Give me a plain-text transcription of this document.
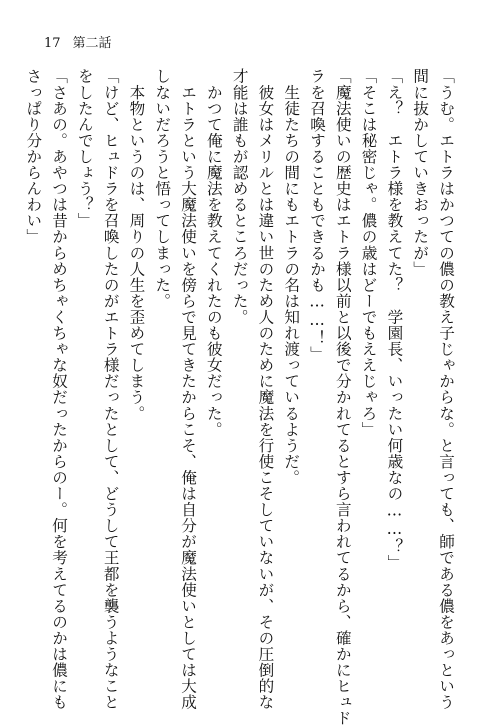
17 第二話
「うむ。エトラはかつての儂の教え子じゃからな。と言っても、師である儂をあっという
間に抜かしていきおったが」
「え？　エトラ様を教えてた？　学園長、いったい何歳なの……？」
「そこは秘密じゃ。儂の歳はどーでもええじゃろ」
「魔法使いの歴史はエトラ様以前と以後で分かれてるとすら言われてるから、確かにヒュド
ラを召喚することもできるかも……！」
　生徒たちの間にもエトラの名は知れ渡っているようだ。
　彼女はメリルとは違い世のため人のために魔法を行使こそしていないが、その圧倒的な
才能は誰もが認めるところだった。
　かつて俺に魔法を教えてくれたのも彼女だった。
　エトラという大魔法使いを傍らで見てきたからこそ、俺は自分が魔法使いとしては大成
しないだろうと悟ってしまった。
　本物というのは、周りの人生を歪めてしまう。
「けど、ヒュドラを召喚したのがエトラ様だったとして、どうして王都を襲うようなこと
をしたんでしょう？」
「さあの。あやつは昔からめちゃくちゃな奴だったからのー。何を考えてるのかは儂にも
さっぱり分からんわい」
